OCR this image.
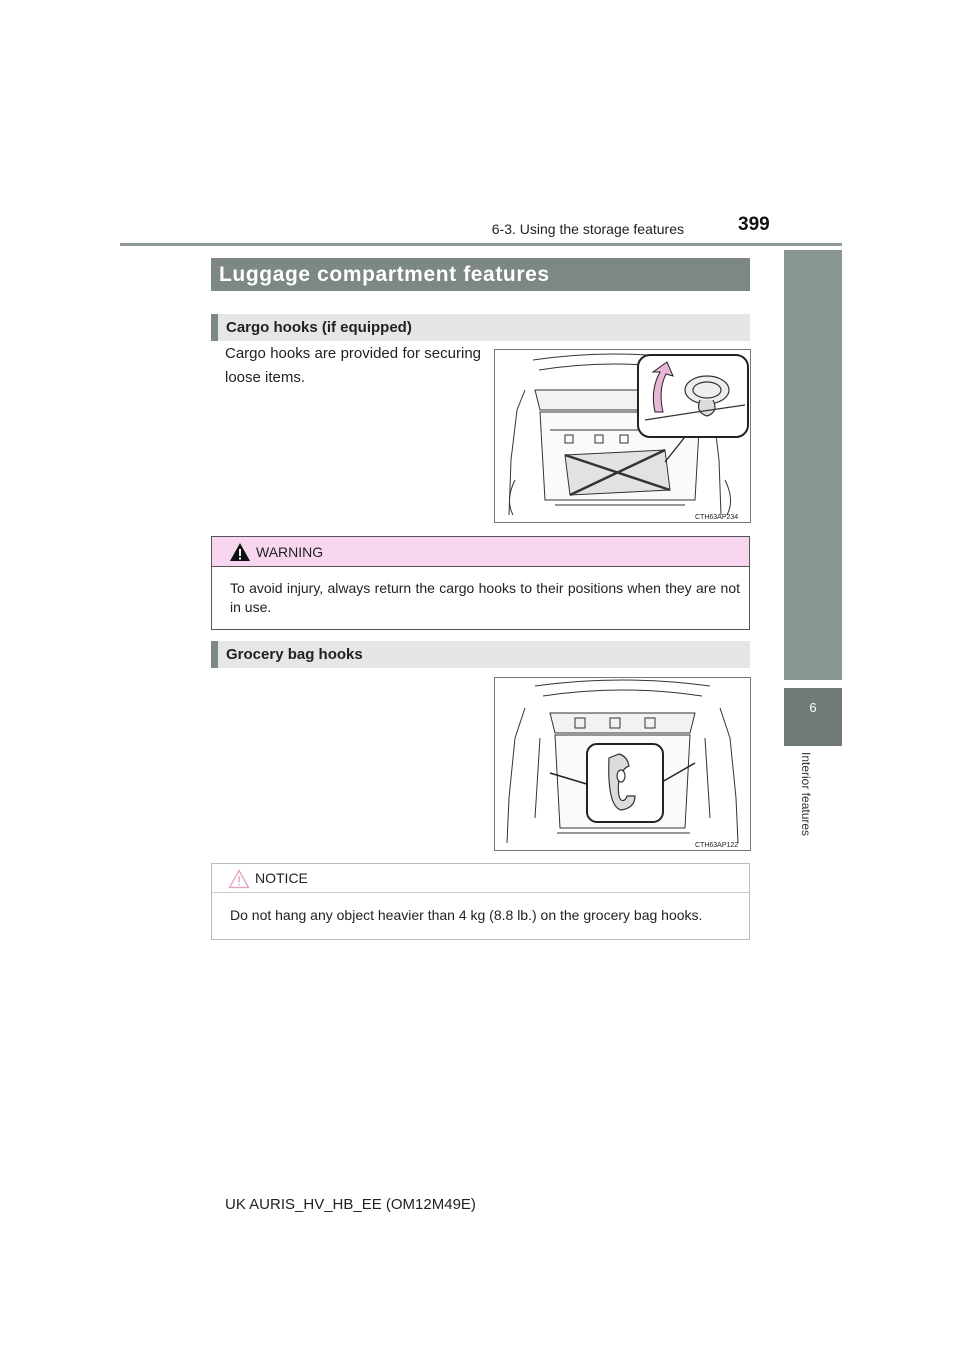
6-3. Using the storage features	399
6
Interior features
Luggage compartment features
Cargo hooks (if equipped)
Cargo hooks are provided for securing loose items.
CTH63AP234
WARNING
To avoid injury, always return the cargo hooks to their positions when they are not in use.
Grocery bag hooks
CTH63AP122
NOTICE
Do not hang any object heavier than 4 kg (8.8 lb.) on the grocery bag hooks.
UK AURIS_HV_HB_EE (OM12M49E)
